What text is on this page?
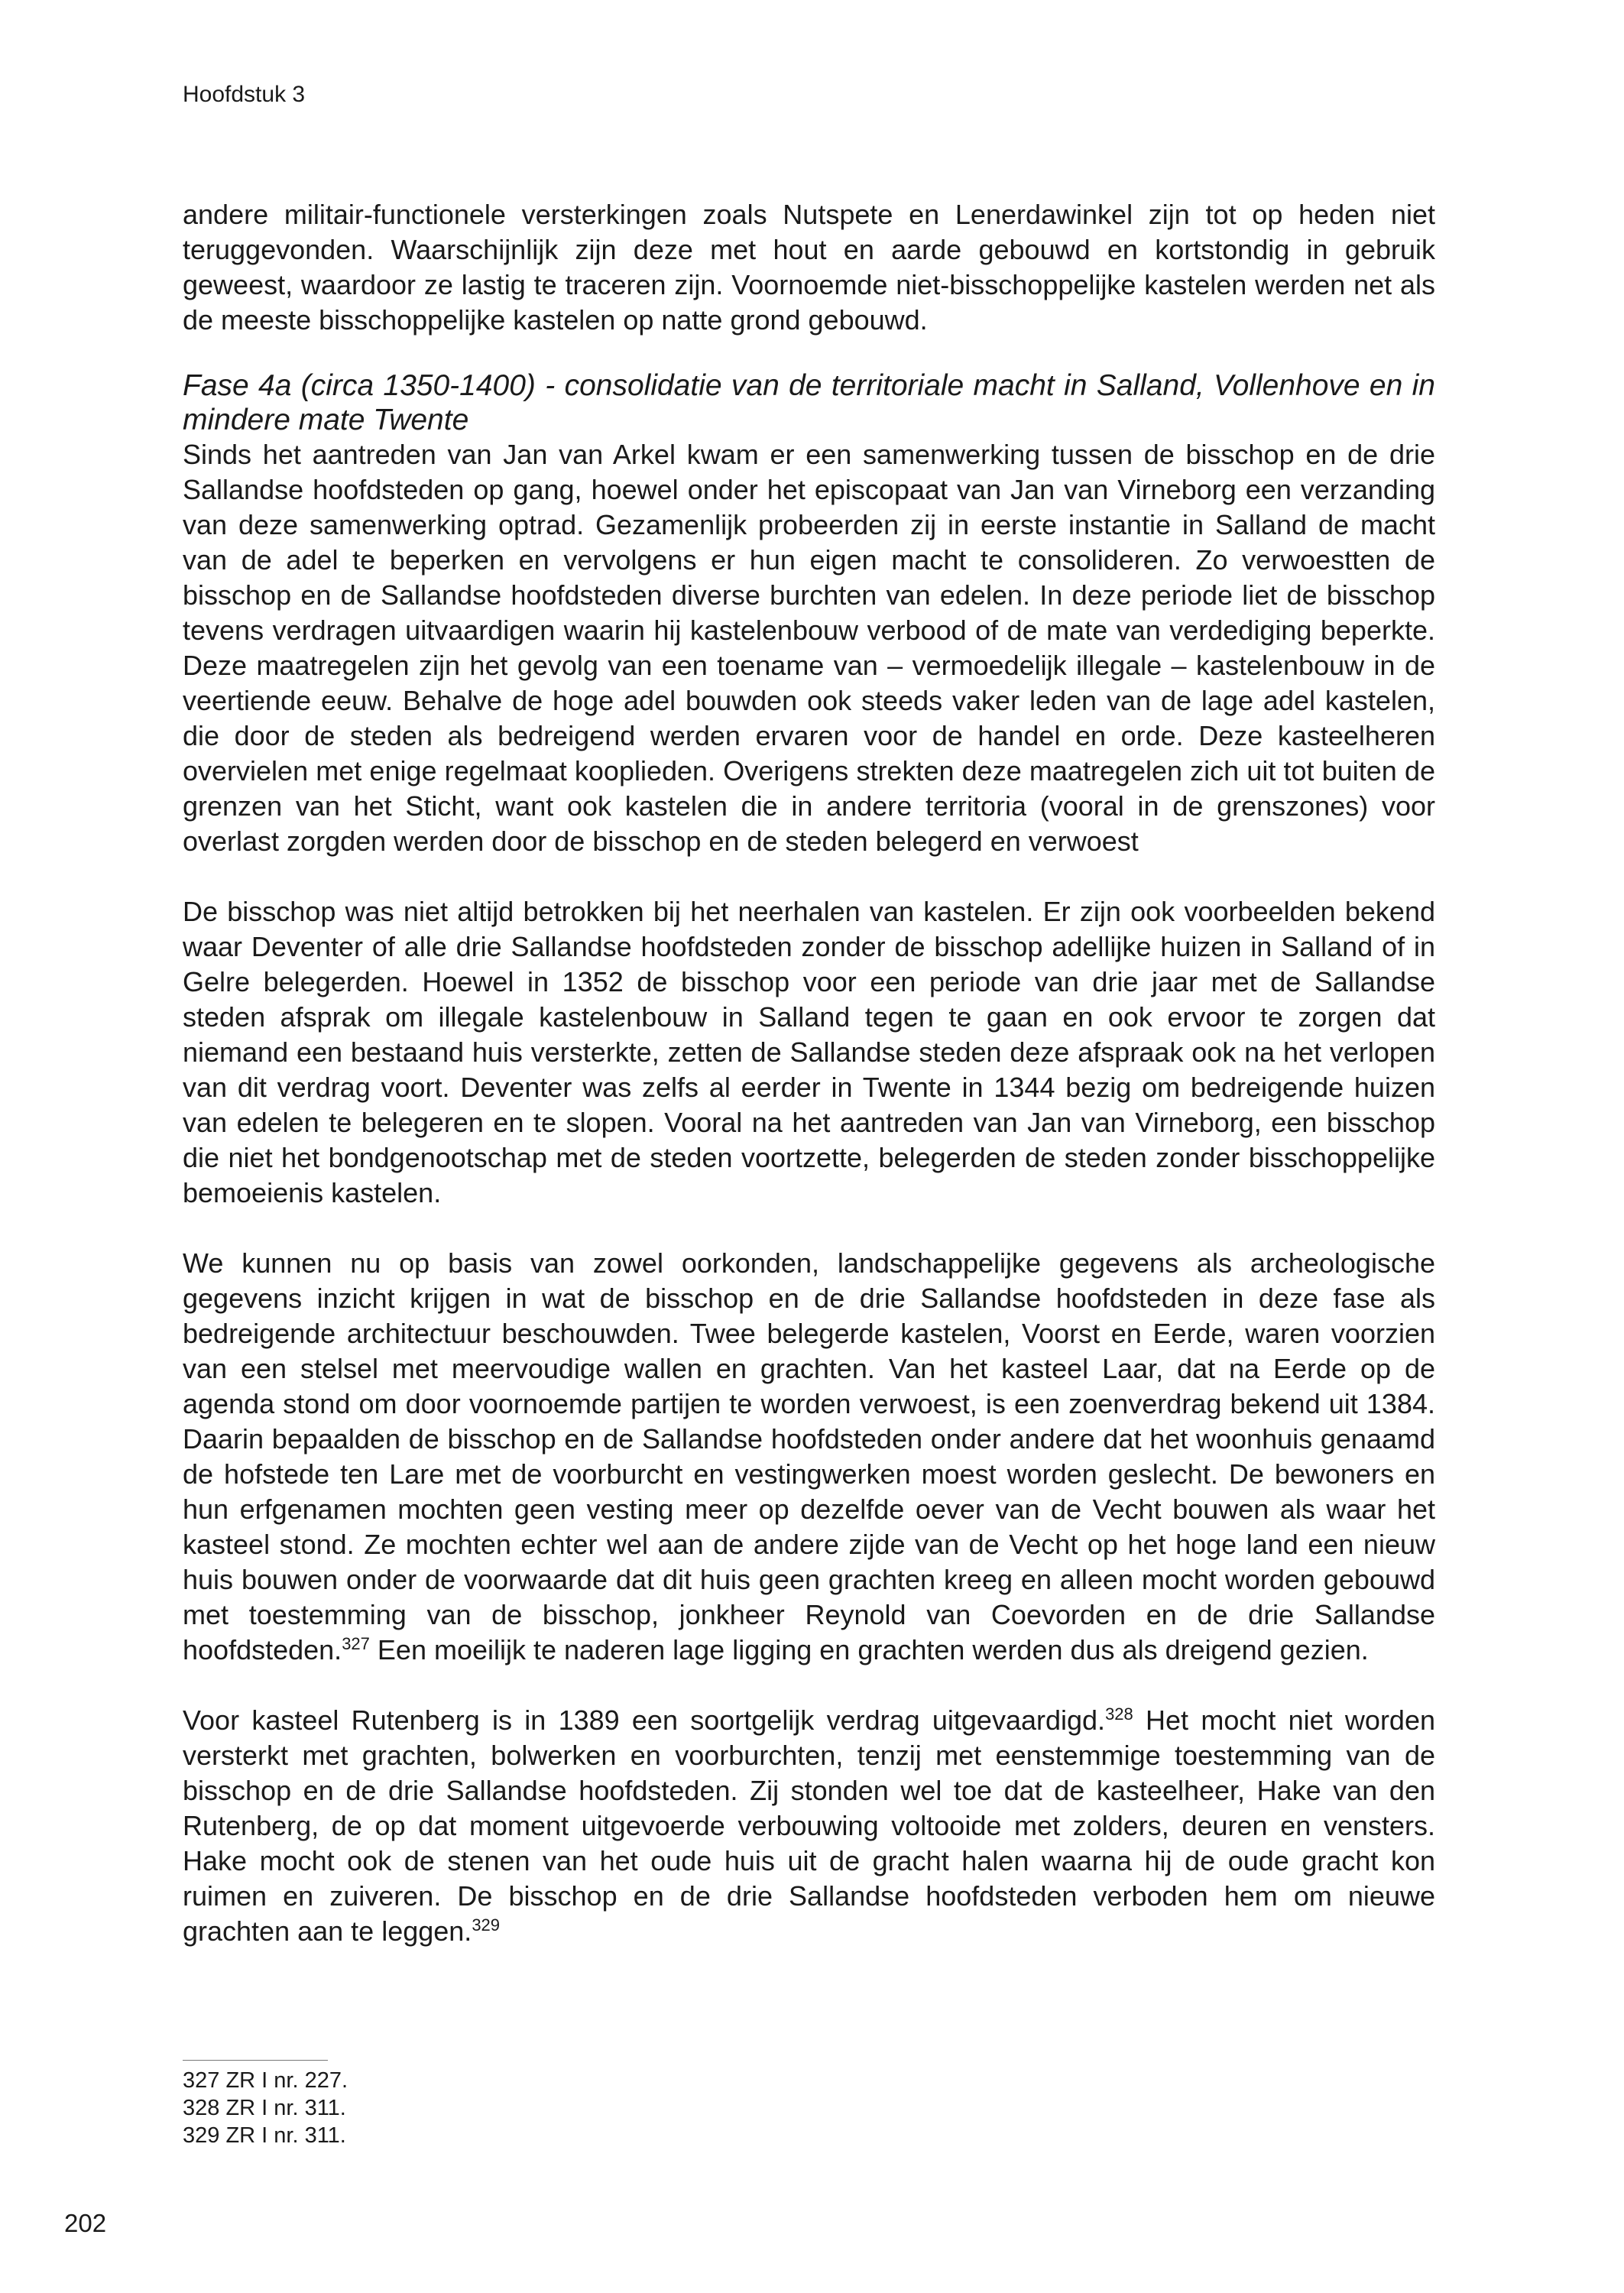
Hoofdstuk 3

andere militair-functionele versterkingen zoals Nutspete en Lenerdawinkel zijn tot op heden niet teruggevonden. Waarschijnlijk zijn deze met hout en aarde gebouwd en kortstondig in gebruik geweest, waardoor ze lastig te traceren zijn. Voornoemde niet-bisschoppelijke kastelen werden net als de meeste bisschoppelijke kastelen op natte grond gebouwd.

Fase 4a (circa 1350-1400) - consolidatie van de territoriale macht in Salland, Vollenhove en in mindere mate Twente

Sinds het aantreden van Jan van Arkel kwam er een samenwerking tussen de bisschop en de drie Sallandse hoofdsteden op gang, hoewel onder het episcopaat van Jan van Virneborg een verzanding van deze samenwerking optrad. Gezamenlijk probeerden zij in eerste instantie in Salland de macht van de adel te beperken en vervolgens er hun eigen macht te consolideren. Zo verwoestten de bisschop en de Sallandse hoofdsteden diverse burchten van edelen. In deze periode liet de bisschop tevens verdragen uitvaardigen waarin hij kastelenbouw verbood of de mate van verdediging beperkte. Deze maatregelen zijn het gevolg van een toename van – vermoedelijk illegale – kastelenbouw in de veertiende eeuw. Behalve de hoge adel bouwden ook steeds vaker leden van de lage adel kastelen, die door de steden als bedreigend werden ervaren voor de handel en orde. Deze kasteelheren overvielen met enige regelmaat kooplieden. Overigens strekten deze maatregelen zich uit tot buiten de grenzen van het Sticht, want ook kastelen die in andere territoria (vooral in de grenszones) voor overlast zorgden werden door de bisschop en de steden belegerd en verwoest

De bisschop was niet altijd betrokken bij het neerhalen van kastelen. Er zijn ook voorbeelden bekend waar Deventer of alle drie Sallandse hoofdsteden zonder de bisschop adellijke huizen in Salland of in Gelre belegerden. Hoewel in 1352 de bisschop voor een periode van drie jaar met de Sallandse steden afsprak om illegale kastelenbouw in Salland tegen te gaan en ook ervoor te zorgen dat niemand een bestaand huis versterkte, zetten de Sallandse steden deze afspraak ook na het verlopen van dit verdrag voort. Deventer was zelfs al eerder in Twente in 1344 bezig om bedreigende huizen van edelen te belegeren en te slopen. Vooral na het aantreden van Jan van Virneborg, een bisschop die niet het bondgenootschap met de steden voortzette, belegerden de steden zonder bisschoppelijke bemoeienis kastelen.

We kunnen nu op basis van zowel oorkonden, landschappelijke gegevens als archeologische gegevens inzicht krijgen in wat de bisschop en de drie Sallandse hoofdsteden in deze fase als bedreigende architectuur beschouwden. Twee belegerde kastelen, Voorst en Eerde, waren voorzien van een stelsel met meervoudige wallen en grachten. Van het kasteel Laar, dat na Eerde op de agenda stond om door voornoemde partijen te worden verwoest, is een zoenverdrag bekend uit 1384. Daarin bepaalden de bisschop en de Sallandse hoofdsteden onder andere dat het woonhuis genaamd de hofstede ten Lare met de voorburcht en vestingwerken moest worden geslecht. De bewoners en hun erfgenamen mochten geen vesting meer op dezelfde oever van de Vecht bouwen als waar het kasteel stond. Ze mochten echter wel aan de andere zijde van de Vecht op het hoge land een nieuw huis bouwen onder de voorwaarde dat dit huis geen grachten kreeg en alleen mocht worden gebouwd met toestemming van de bisschop, jonkheer Reynold van Coevorden en de drie Sallandse hoofdsteden.$^{327}$ Een moeilijk te naderen lage ligging en grachten werden dus als dreigend gezien.

Voor kasteel Rutenberg is in 1389 een soortgelijk verdrag uitgevaardigd.$^{328}$ Het mocht niet worden versterkt met grachten, bolwerken en voorburchten, tenzij met eenstemmige toestemming van de bisschop en de drie Sallandse hoofdsteden. Zij stonden wel toe dat de kasteelheer, Hake van den Rutenberg, de op dat moment uitgevoerde verbouwing voltooide met zolders, deuren en vensters. Hake mocht ook de stenen van het oude huis uit de gracht halen waarna hij de oude gracht kon ruimen en zuiveren. De bisschop en de drie Sallandse hoofdsteden verboden hem om nieuwe grachten aan te leggen.$^{329}$

327 ZR I nr. 227.
328 ZR I nr. 311.
329 ZR I nr. 311.
202
